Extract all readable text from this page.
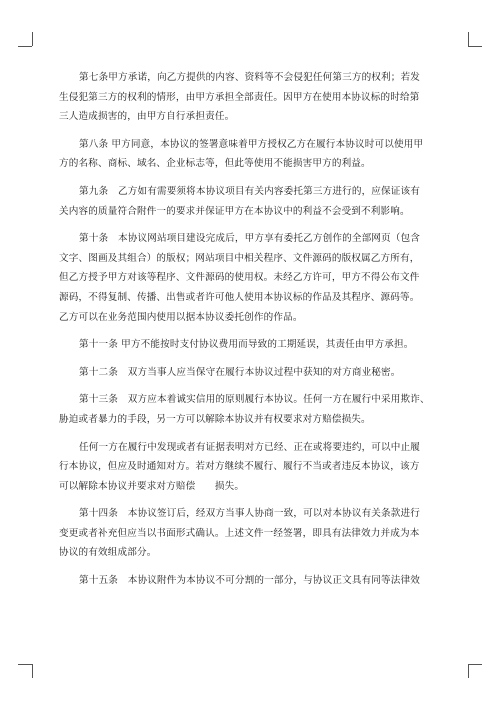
第七条甲方承诺，向乙方提供的内容、资料等不会侵犯任何第三方的权利；若发
生侵犯第三方的权利的情形，由甲方承担全部责任。因甲方在使用本协议标的时给第
三人造成损害的，由甲方自行承担责任。
第八条 甲方同意，本协议的签署意味着甲方授权乙方在履行本协议时可以使用甲
方的名称、商标、域名、企业标志等，但此等使用不能损害甲方的利益。
第九条　乙方如有需要须将本协议项目有关内容委托第三方进行的，应保证该有
关内容的质量符合附件一的要求并保证甲方在本协议中的利益不会受到不利影响。
第十条　本协议网站项目建设完成后，甲方享有委托乙方创作的全部网页（包含
文字、图画及其组合）的版权；网站项目中相关程序、文件源码的版权属乙方所有，
但乙方授予甲方对该等程序、文件源码的使用权。未经乙方许可，甲方不得公布文件
源码，不得复制、传播、出售或者许可他人使用本协议标的作品及其程序、源码等。
乙方可以在业务范围内使用以据本协议委托创作的作品。
第十一条 甲方不能按时支付协议费用而导致的工期延误，其责任由甲方承担。
第十二条　双方当事人应当保守在履行本协议过程中获知的对方商业秘密。
第十三条　双方应本着诚实信用的原则履行本协议。任何一方在履行中采用欺诈、
胁迫或者暴力的手段，另一方可以解除本协议并有权要求对方赔偿损失。
任何一方在履行中发现或者有证据表明对方已经、正在或将要违约，可以中止履
行本协议，但应及时通知对方。若对方继续不履行、履行不当或者违反本协议，该方
可以解除本协议并要求对方赔偿　　损失。
第十四条　本协议签订后，经双方当事人协商一致，可以对本协议有关条款进行
变更或者补充但应当以书面形式确认。上述文件一经签署，即具有法律效力并成为本
协议的有效组成部分。
第十五条　本协议附件为本协议不可分割的一部分，与协议正文具有同等法律效
